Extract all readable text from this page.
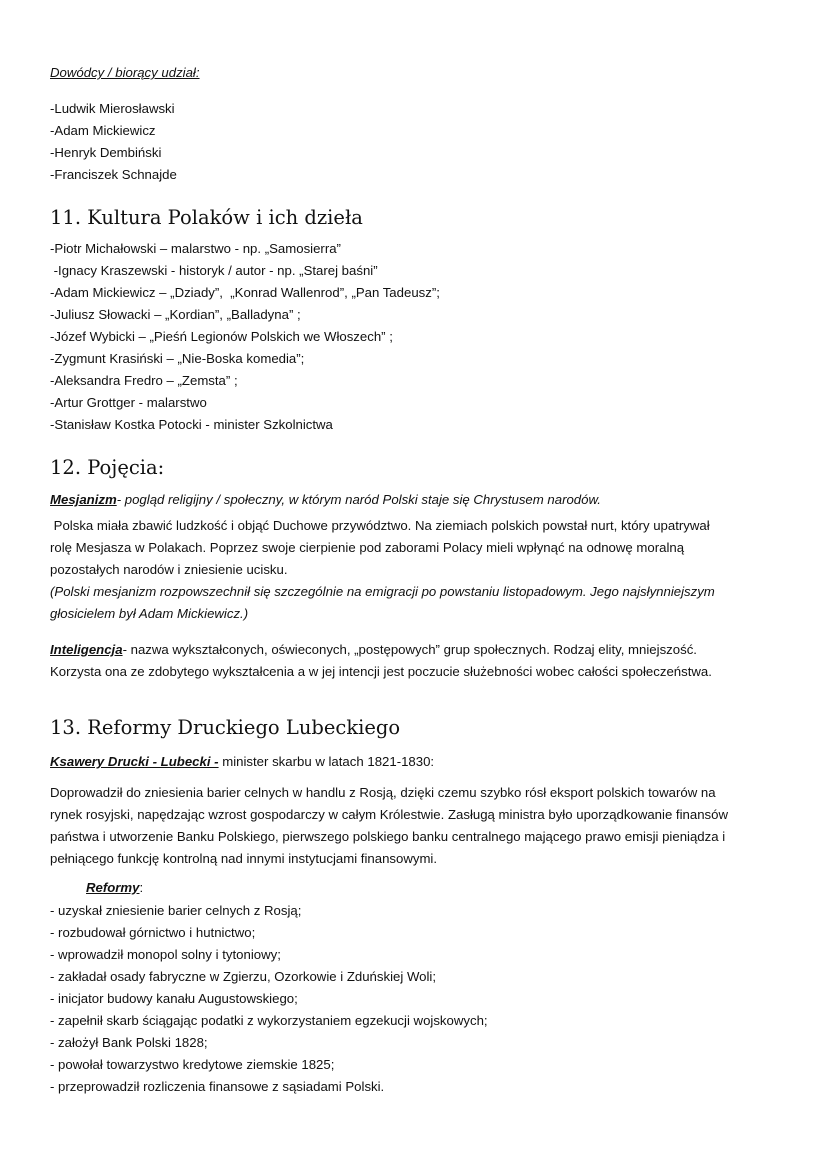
Dowódcy / biorący udział:
-Ludwik Mierosławski
-Adam Mickiewicz
-Henryk Dembiński
-Franciszek Schnajde
11. Kultura Polaków i ich dzieła
-Piotr Michałowski – malarstwo - np. „Samosierra”
-Ignacy Kraszewski - historyk / autor - np. „Starej baśni”
-Adam Mickiewicz – „Dziady”,  „Konrad Wallenrod”, „Pan Tadeusz”;
-Juliusz Słowacki – „Kordian”, „Balladyna” ;
-Józef Wybicki – „Pieśń Legionów Polskich we Włoszech” ;
-Zygmunt Krasiński – „Nie-Boska komedia”;
-Aleksandra Fredro – „Zemsta” ;
-Artur Grottger - malarstwo
-Stanisław Kostka Potocki - minister Szkolnictwa
12. Pojęcia:
Mesjanizm- pogląd religijny / społeczny, w którym naród Polski staje się Chrystusem narodów.
Polska miała zbawić ludzkość i objąć Duchowe przywództwo. Na ziemiach polskich powstał nurt, który upatrywał
rolę Mesjasza w Polakach. Poprzez swoje cierpienie pod zaborami Polacy mieli wpłynąć na odnowę moralną
pozostałych narodów i zniesienie ucisku.
(Polski mesjanizm rozpowszechnił się szczególnie na emigracji po powstaniu listopadowym. Jego najsłynniejszym
głosicielem był Adam Mickiewicz.)
Inteligencja- nazwa wykształconych, oświeconych, „postępowych” grup społecznych. Rodzaj elity, mniejszość.
Korzysta ona ze zdobytego wykształcenia a w jej intencji jest poczucie służebności wobec całości społeczeństwa.
13. Reformy Druckiego Lubeckiego
Ksawery Drucki - Lubecki - minister skarbu w latach 1821-1830:
Doprowadził do zniesienia barier celnych w handlu z Rosją, dzięki czemu szybko rósł eksport polskich towarów na
rynek rosyjski, napędzając wzrost gospodarczy w całym Królestwie. Zasługą ministra było uporządkowanie finansów
państwa i utworzenie Banku Polskiego, pierwszego polskiego banku centralnego mającego prawo emisji pieniądza i
pełniącego funkcję kontrolną nad innymi instytucjami finansowymi.
Reformy:
- uzyskał zniesienie barier celnych z Rosją;
- rozbudował górnictwo i hutnictwo;
- wprowadził monopol solny i tytoniowy;
- zakładał osady fabryczne w Zgierzu, Ozorkowie i Zduńskiej Woli;
- inicjator budowy kanału Augustowskiego;
- zapełnił skarb ściągając podatki z wykorzystaniem egzekucji wojskowych;
- założył Bank Polski 1828;
- powołał towarzystwo kredytowe ziemskie 1825;
- przeprowadził rozliczenia finansowe z sąsiadami Polski.
